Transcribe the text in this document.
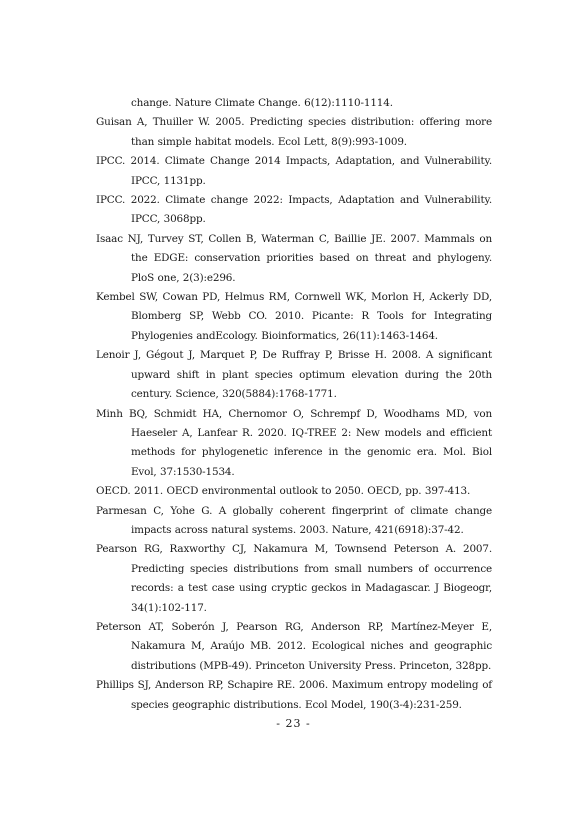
change. Nature Climate Change. 6(12):1110-1114.

Guisan A, Thuiller W. 2005. Predicting species distribution: offering more than simple habitat models. Ecol Lett, 8(9):993-1009.

IPCC. 2014. Climate Change 2014 Impacts, Adaptation, and Vulnerability. IPCC, 1131pp.

IPCC. 2022. Climate change 2022: Impacts, Adaptation and Vulnerability. IPCC, 3068pp.

Isaac NJ, Turvey ST, Collen B, Waterman C, Baillie JE. 2007. Mammals on the EDGE: conservation priorities based on threat and phylogeny. PloS one, 2(3):e296.

Kembel SW, Cowan PD, Helmus RM, Cornwell WK, Morlon H, Ackerly DD, Blomberg SP, Webb CO. 2010. Picante: R Tools for Integrating Phylogenies andEcology. Bioinformatics, 26(11):1463-1464.

Lenoir J, Gégout J, Marquet P, De Ruffray P, Brisse H. 2008. A significant upward shift in plant species optimum elevation during the 20th century. Science, 320(5884):1768-1771.

Minh BQ, Schmidt HA, Chernomor O, Schrempf D, Woodhams MD, von Haeseler A, Lanfear R. 2020. IQ-TREE 2: New models and efficient methods for phylogenetic inference in the genomic era. Mol. Biol Evol, 37:1530-1534.

OECD. 2011. OECD environmental outlook to 2050. OECD, pp. 397-413.

Parmesan C, Yohe G. A globally coherent fingerprint of climate change impacts across natural systems. 2003. Nature, 421(6918):37-42.

Pearson RG, Raxworthy CJ, Nakamura M, Townsend Peterson A. 2007. Predicting species distributions from small numbers of occurrence records: a test case using cryptic geckos in Madagascar. J Biogeogr, 34(1):102-117.

Peterson AT, Soberón J, Pearson RG, Anderson RP, Martínez-Meyer E, Nakamura M, Araújo MB. 2012. Ecological niches and geographic distributions (MPB-49). Princeton University Press. Princeton, 328pp.

Phillips SJ, Anderson RP, Schapire RE. 2006. Maximum entropy modeling of species geographic distributions. Ecol Model, 190(3-4):231-259.

- 23 -
